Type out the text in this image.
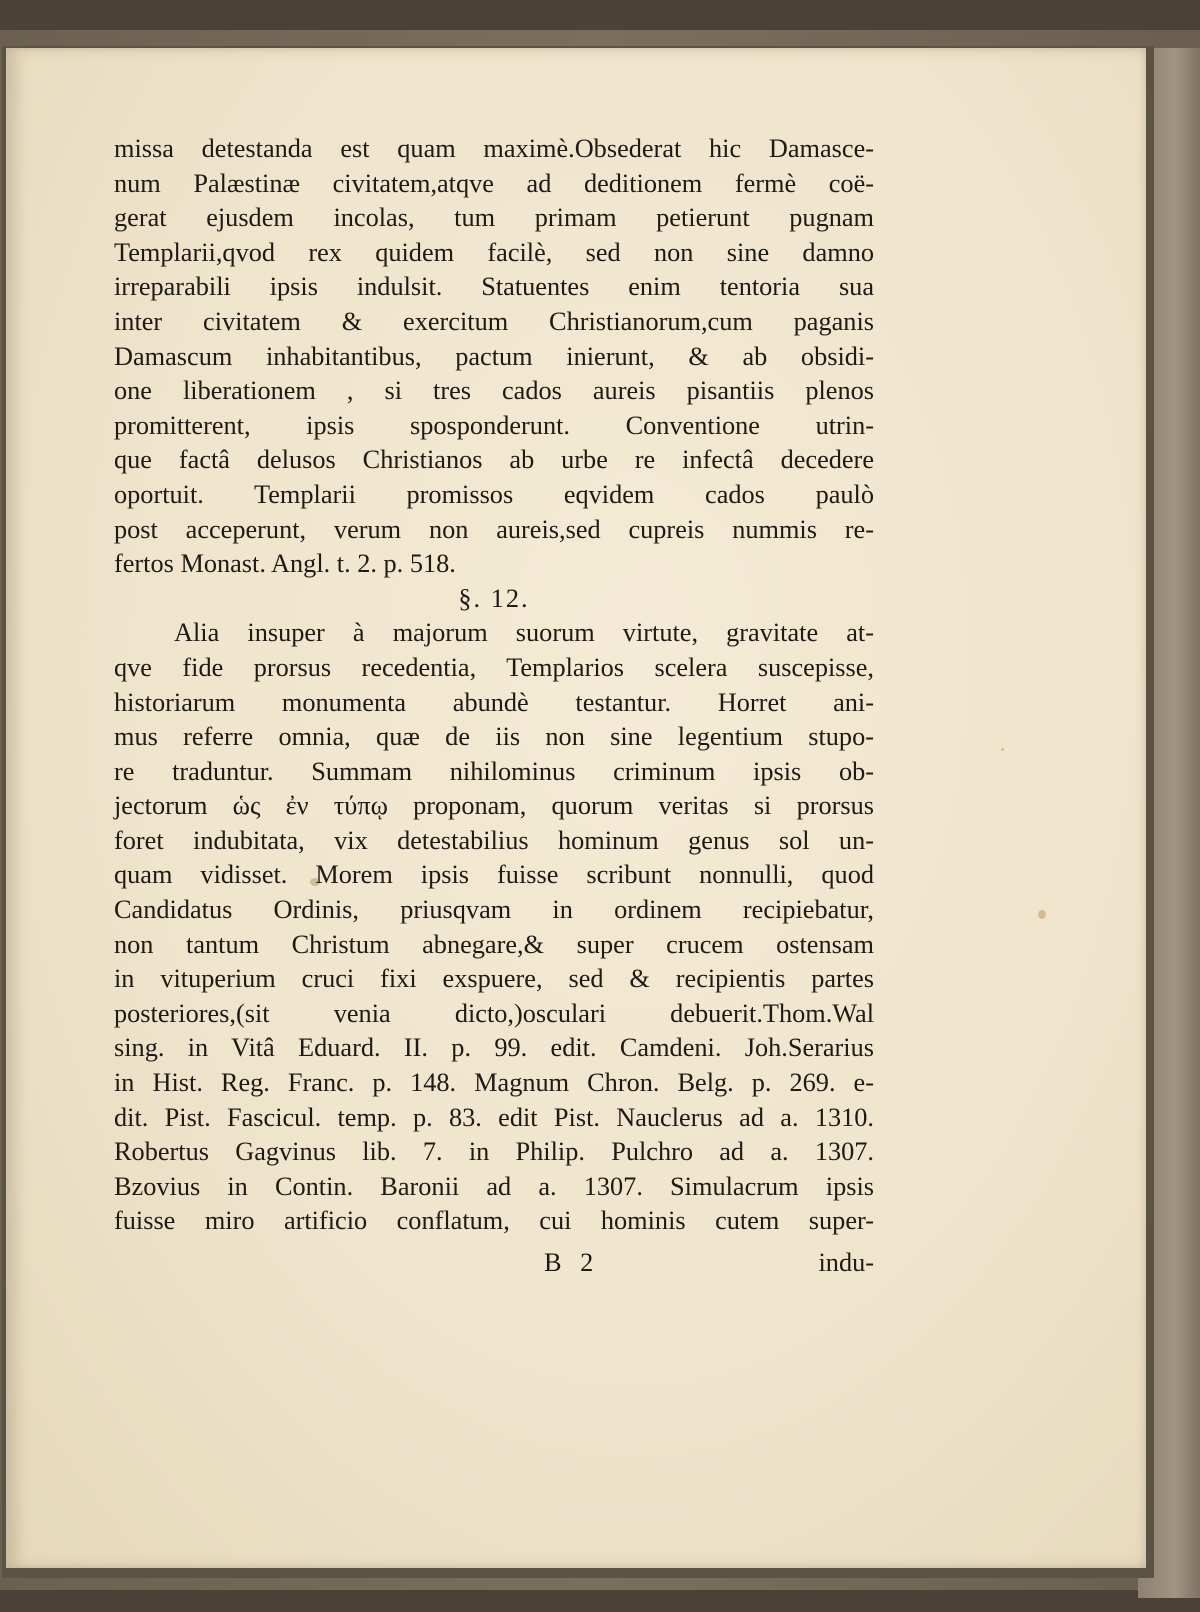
missa detestanda est quam maximè.Obsederat hic Damasce-
num Palæstinæ civitatem,atqve ad deditionem fermè coë-
gerat ejusdem incolas, tum primam petierunt pugnam
Templarii,qvod rex quidem facilè, sed non sine damno
irreparabili ipsis indulsit. Statuentes enim tentoria sua
inter civitatem & exercitum Christianorum,cum paganis
Damascum inhabitantibus, pactum inierunt, & ab obsidi-
one liberationem , si tres cados aureis pisantiis plenos
promitterent, ipsis sposponderunt. Conventione utrin-
que factâ delusos Christianos ab urbe re infectâ decedere
oportuit. Templarii promissos eqvidem cados paulò
post acceperunt, verum non aureis,sed cupreis nummis re-
fertos Monast. Angl. t. 2. p. 518.
§. 12.
Alia insuper à majorum suorum virtute, gravitate at-
qve fide prorsus recedentia, Templarios scelera suscepisse,
historiarum monumenta abundè testantur. Horret ani-
mus referre omnia, quæ de iis non sine legentium stupo-
re traduntur. Summam nihilominus criminum ipsis ob-
jectorum ὡς ἐν τύπῳ proponam, quorum veritas si prorsus
foret indubitata, vix detestabilius hominum genus sol un-
quam vidisset. Morem ipsis fuisse scribunt nonnulli, quod
Candidatus Ordinis, priusqvam in ordinem recipiebatur,
non tantum Christum abnegare,& super crucem ostensam
in vituperium cruci fixi exspuere, sed & recipientis partes
posteriores,(sit venia dicto,)osculari debuerit.Thom.Wal
sing. in Vitâ Eduard. II. p. 99. edit. Camdeni. Joh.Serarius
in Hist. Reg. Franc. p. 148. Magnum Chron. Belg. p. 269. e-
dit. Pist. Fascicul. temp. p. 83. edit Pist. Nauclerus ad a. 1310.
Robertus Gagvinus lib. 7. in Philip. Pulchro ad a. 1307.
Bzovius in Contin. Baronii ad a. 1307. Simulacrum ipsis
fuisse miro artificio conflatum, cui hominis cutem super-
B 2	indu-
